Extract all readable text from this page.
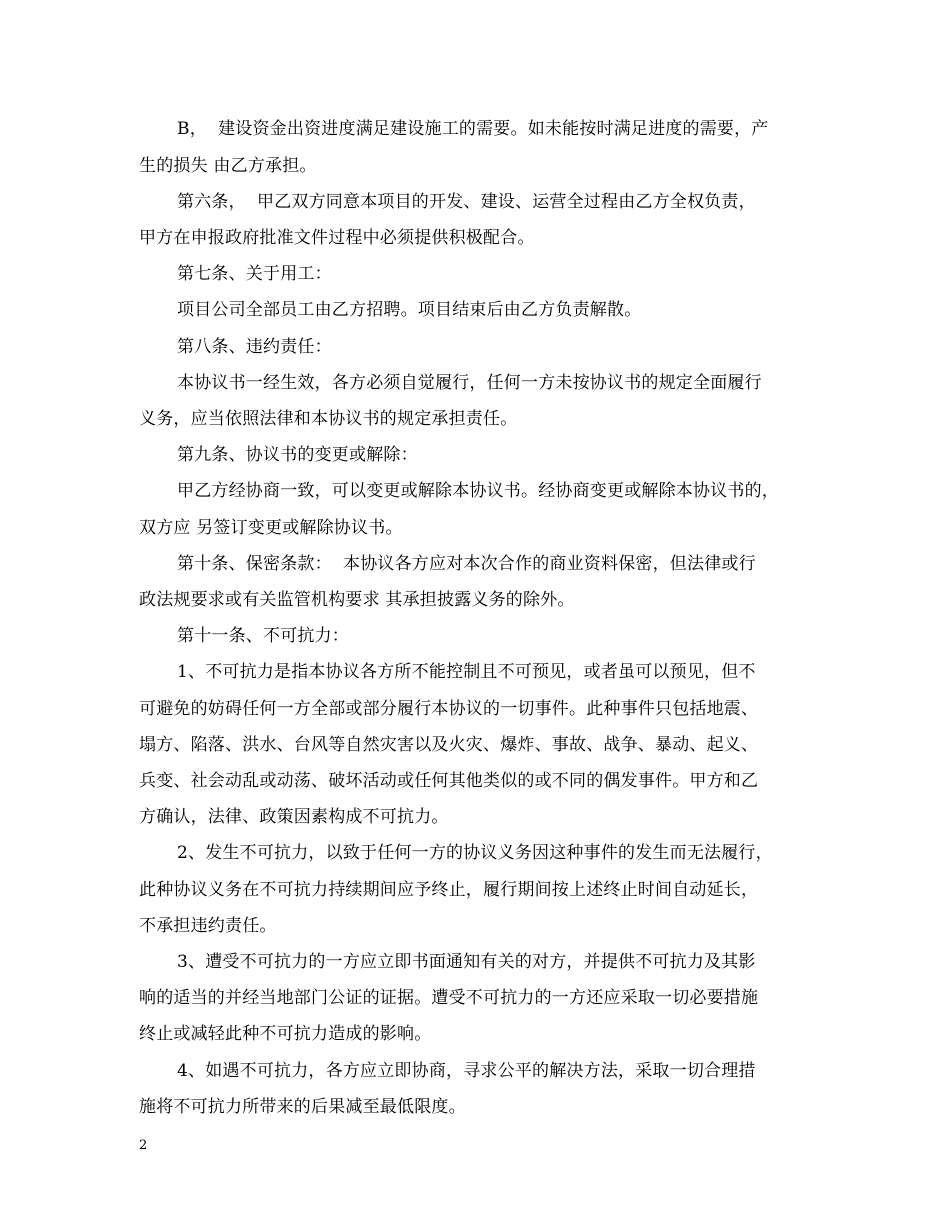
B，  建设资金出资进度满足建设施工的需要。如未能按时满足进度的需要，产
生的损失 由乙方承担。
第六条，  甲乙双方同意本项目的开发、建设、运营全过程由乙方全权负责，
甲方在申报政府批准文件过程中必须提供积极配合。
第七条、关于用工：
项目公司全部员工由乙方招聘。项目结束后由乙方负责解散。
第八条、违约责任：
本协议书一经生效，各方必须自觉履行，任何一方未按协议书的规定全面履行
义务，应当依照法律和本协议书的规定承担责任。
第九条、协议书的变更或解除：
甲乙方经协商一致，可以变更或解除本协议书。经协商变更或解除本协议书的，
双方应 另签订变更或解除协议书。
第十条、保密条款：  本协议各方应对本次合作的商业资料保密，但法律或行
政法规要求或有关监管机构要求 其承担披露义务的除外。
第十一条、不可抗力：
1、不可抗力是指本协议各方所不能控制且不可预见，或者虽可以预见，但不
可避免的妨碍任何一方全部或部分履行本协议的一切事件。此种事件只包括地震、
塌方、陷落、洪水、台风等自然灾害以及火灾、爆炸、事故、战争、暴动、起义、
兵变、社会动乱或动荡、破坏活动或任何其他类似的或不同的偶发事件。甲方和乙
方确认，法律、政策因素构成不可抗力。
2、发生不可抗力，以致于任何一方的协议义务因这种事件的发生而无法履行，
此种协议义务在不可抗力持续期间应予终止，履行期间按上述终止时间自动延长，
不承担违约责任。
3、遭受不可抗力的一方应立即书面通知有关的对方，并提供不可抗力及其影
响的适当的并经当地部门公证的证据。遭受不可抗力的一方还应采取一切必要措施
终止或减轻此种不可抗力造成的影响。
4、如遇不可抗力，各方应立即协商，寻求公平的解决方法，采取一切合理措
施将不可抗力所带来的后果减至最低限度。
2
